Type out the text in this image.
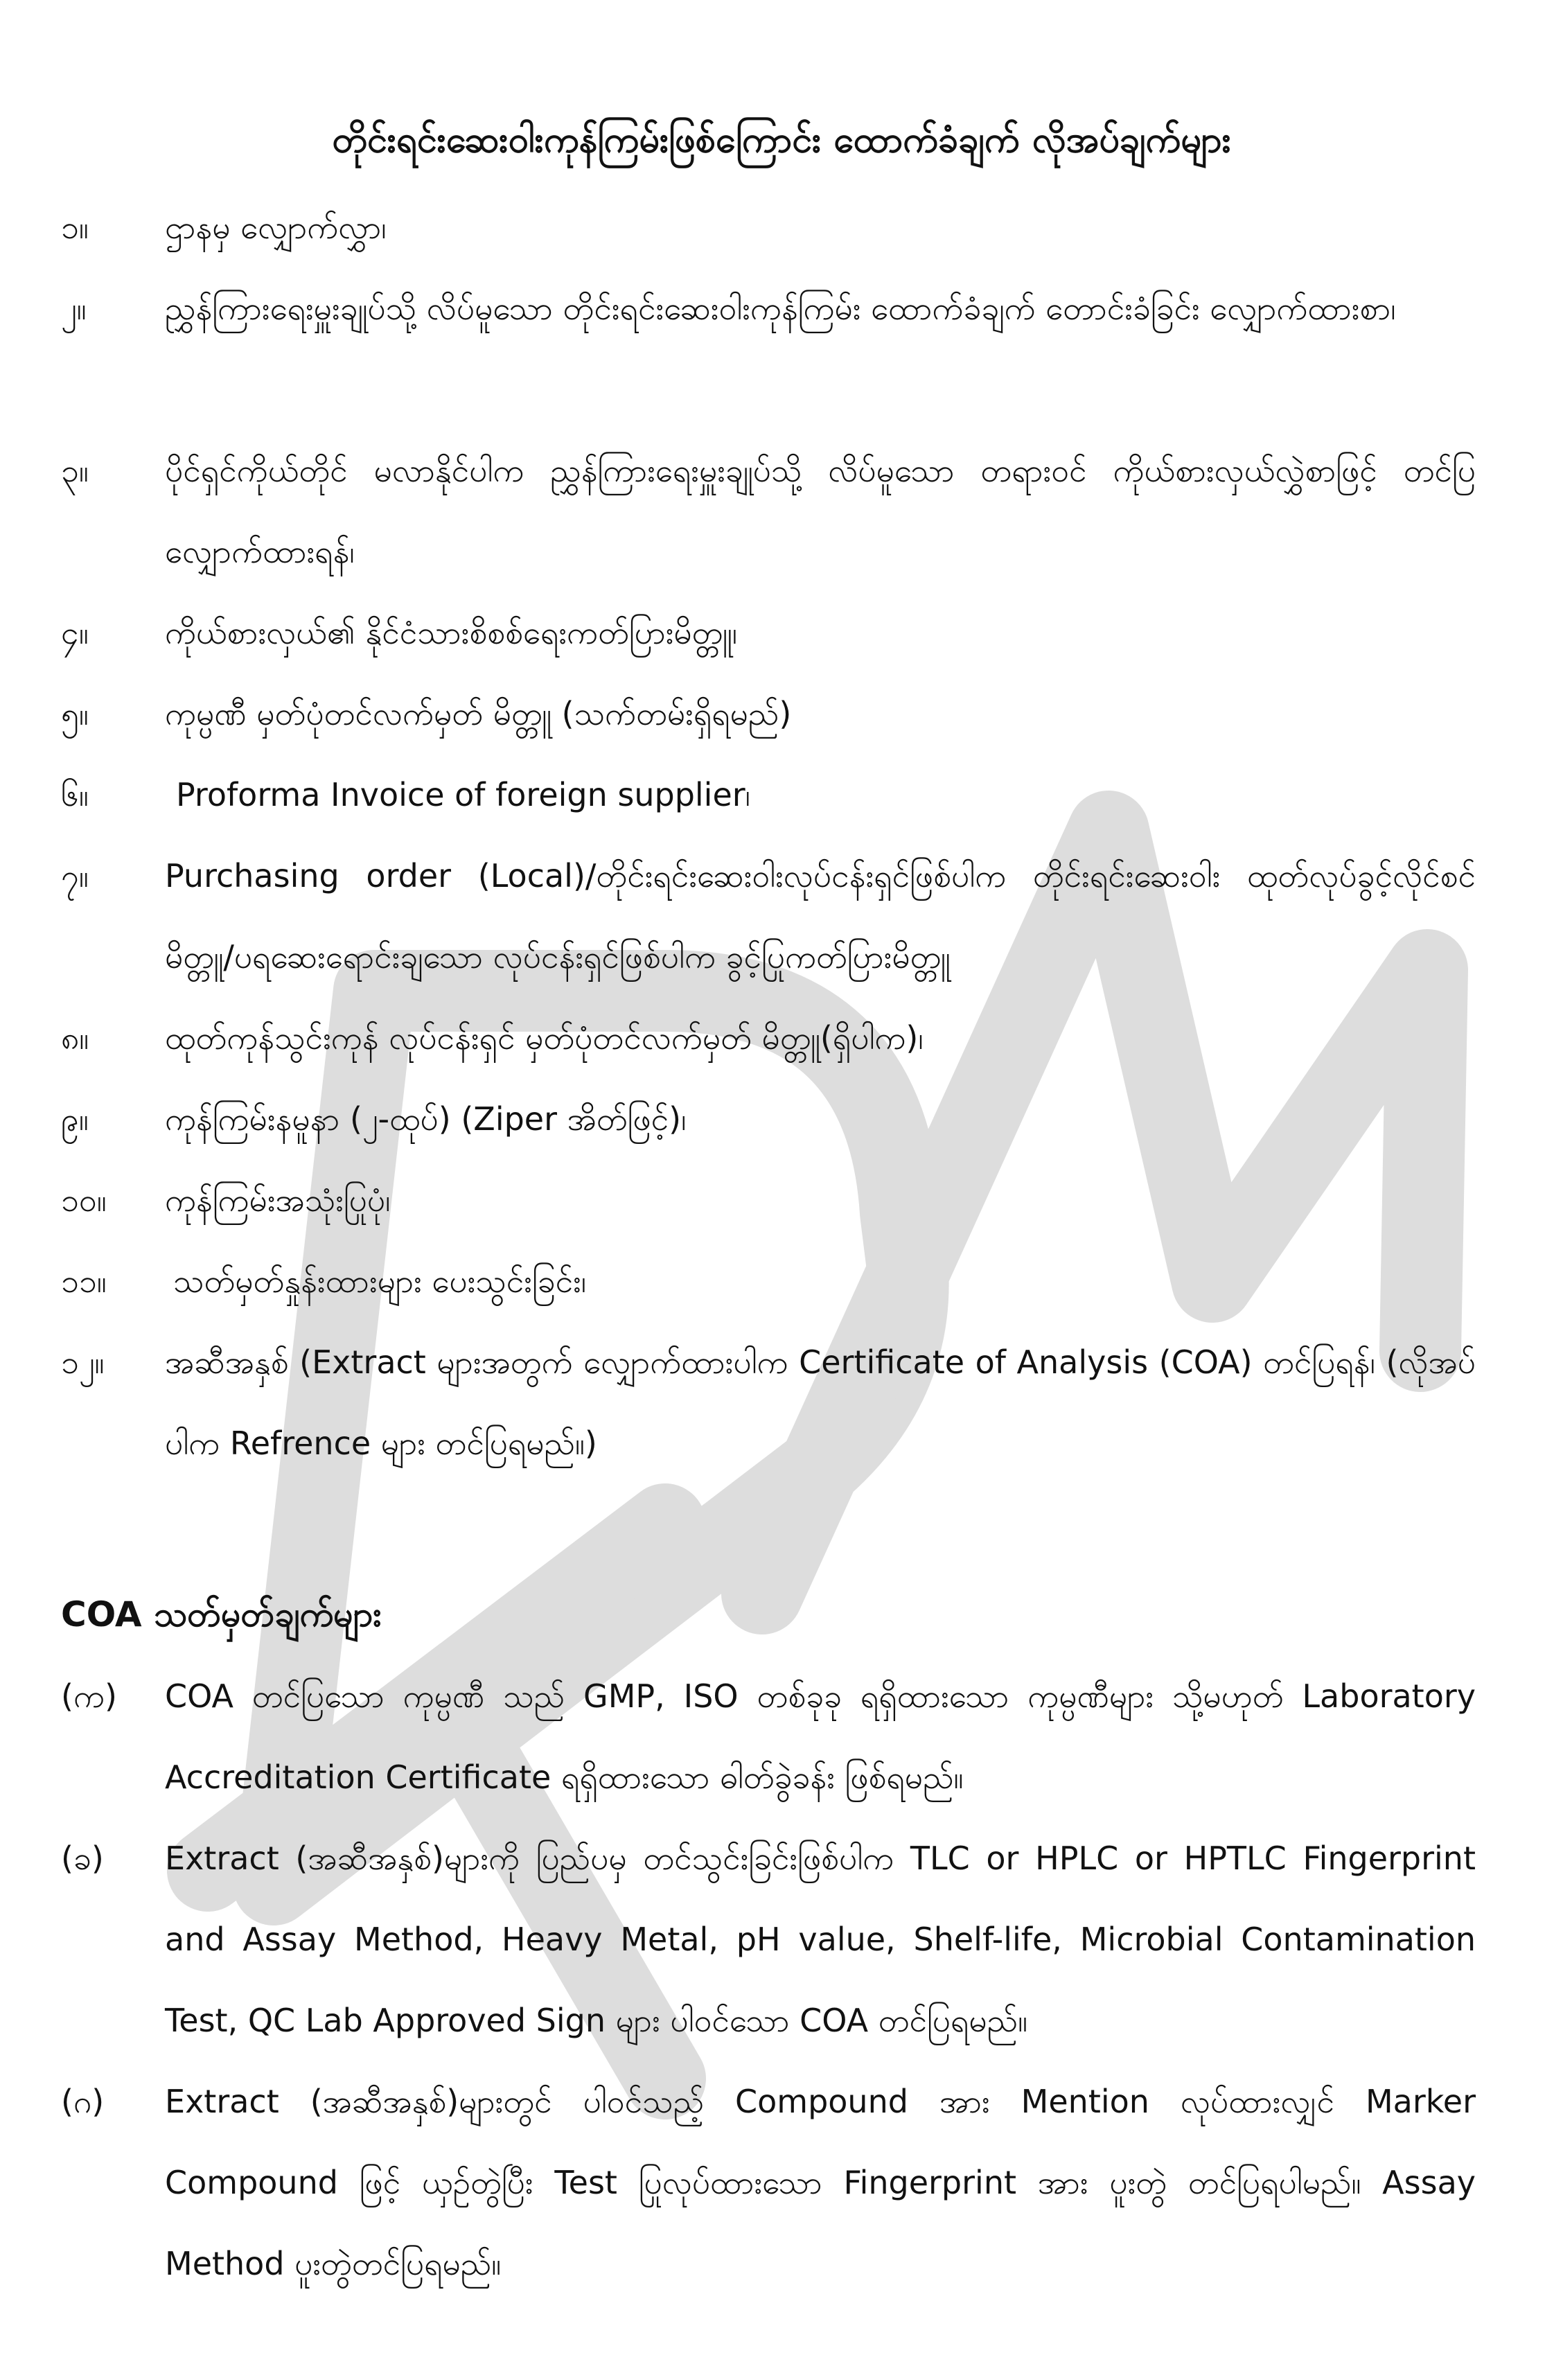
တိုင်းရင်းဆေးဝါးကုန်ကြမ်းဖြစ်ကြောင်း ထောက်ခံချက် လိုအပ်ချက်များ
၁။ ဌာနမှ လျှောက်လွှာ၊
၂။ ညွှန်ကြားရေးမှူးချုပ်သို့ လိပ်မူသော တိုင်းရင်းဆေးဝါးကုန်ကြမ်း ထောက်ခံချက် တောင်းခံခြင်း လျှောက်ထားစာ၊
၃။ ပိုင်ရှင်ကိုယ်တိုင် မလာနိုင်ပါက ညွှန်ကြားရေးမှူးချုပ်သို့ လိပ်မူသော တရားဝင် ကိုယ်စားလှယ်လွှဲစာဖြင့် တင်ပြလျှောက်ထားရန်၊
၄။ ကိုယ်စားလှယ်၏ နိုင်ငံသားစိစစ်ရေးကတ်ပြားမိတ္တူ၊
၅။ ကုမ္ပဏီ မှတ်ပုံတင်လက်မှတ် မိတ္တူ (သက်တမ်းရှိရမည်)
၆။	Proforma Invoice of foreign supplier၊
၇။ Purchasing order (Local)/တိုင်းရင်းဆေးဝါးလုပ်ငန်းရှင်ဖြစ်ပါက တိုင်းရင်းဆေးဝါး ထုတ်လုပ်ခွင့်လိုင်စင်မိတ္တူ/ပရဆေးရောင်းချသော လုပ်ငန်းရှင်ဖြစ်ပါက ခွင့်ပြုကတ်ပြားမိတ္တူ
၈။ ထုတ်ကုန်သွင်းကုန် လုပ်ငန်းရှင် မှတ်ပုံတင်လက်မှတ် မိတ္တူ(ရှိပါက)၊
၉။ ကုန်ကြမ်းနမူနာ (၂-ထုပ်) (Ziper အိတ်ဖြင့်)၊
၁၀။ ကုန်ကြမ်းအသုံးပြုပုံ၊
၁၁။ သတ်မှတ်နှုန်းထားများ ပေးသွင်းခြင်း၊
၁၂။ အဆီအနှစ် (Extract များအတွက် လျှောက်ထားပါက Certificate of Analysis (COA) တင်ပြရန်၊ (လိုအပ်ပါက Refrence များ တင်ပြရမည်။)
COA သတ်မှတ်ချက်များ
(က) COA တင်ပြသော ကုမ္ပဏီ သည် GMP, ISO တစ်ခုခု ရရှိထားသော ကုမ္ပဏီများ သို့မဟုတ် Laboratory Accreditation Certificate ရရှိထားသော ဓါတ်ခွဲခန်း ဖြစ်ရမည်။
(ခ) Extract (အဆီအနှစ်)များကို ပြည်ပမှ တင်သွင်းခြင်းဖြစ်ပါက TLC or HPLC or HPTLC Fingerprint and Assay Method, Heavy Metal, pH value, Shelf-life, Microbial Contamination Test, QC Lab Approved Sign များ ပါဝင်သော COA တင်ပြရမည်။
(ဂ) Extract (အဆီအနှစ်)များတွင် ပါဝင်သည့် Compound အား Mention လုပ်ထားလျှင် Marker Compound ဖြင့် ယှဉ်တွဲပြီး Test ပြုလုပ်ထားသော Fingerprint အား ပူးတွဲ တင်ပြရပါမည်။ Assay Method ပူးတွဲတင်ပြရမည်။
